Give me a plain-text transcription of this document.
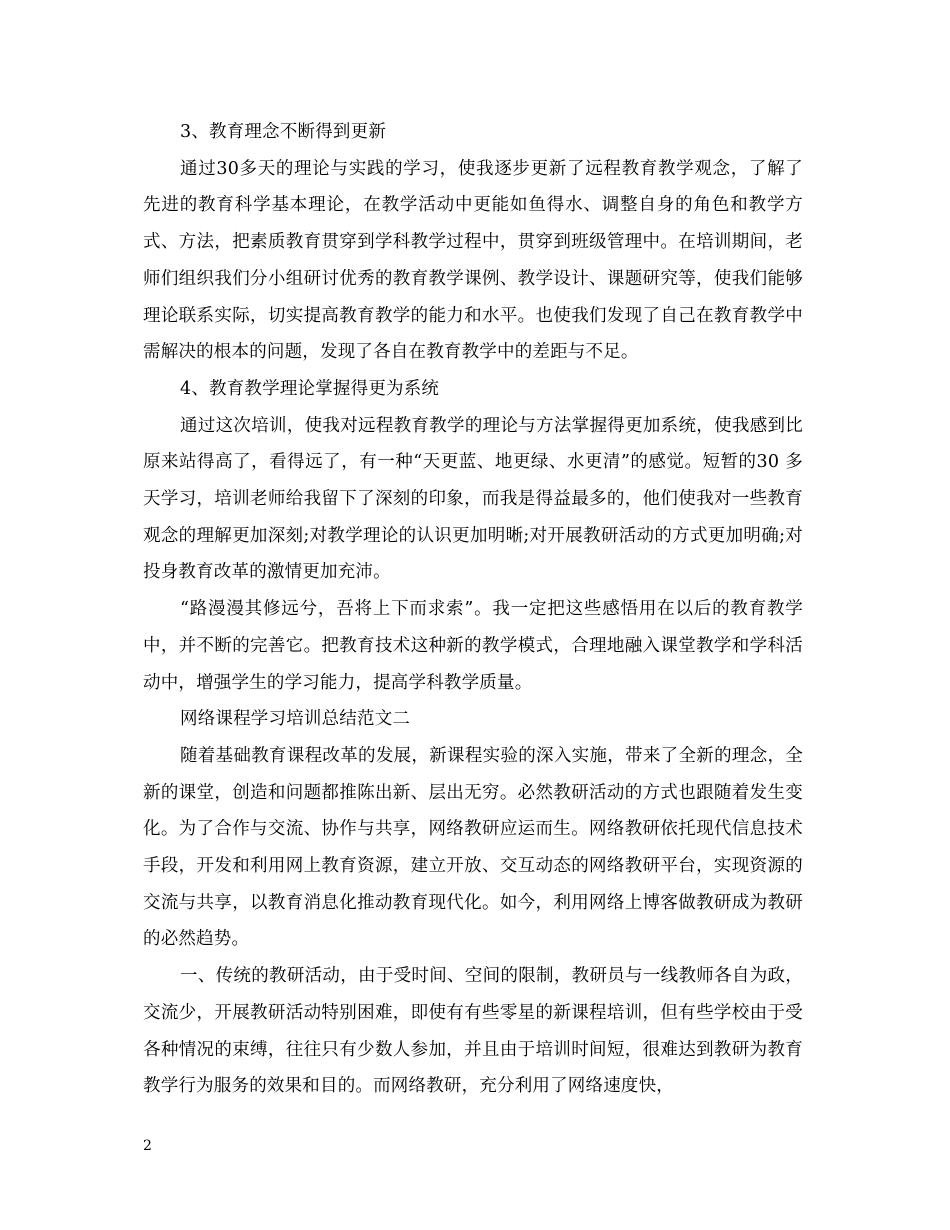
3、教育理念不断得到更新

通过30多天的理论与实践的学习，使我逐步更新了远程教育教学观念，了解了先进的教育科学基本理论，在教学活动中更能如鱼得水、调整自身的角色和教学方式、方法，把素质教育贯穿到学科教学过程中，贯穿到班级管理中。在培训期间，老师们组织我们分小组研讨优秀的教育教学课例、教学设计、课题研究等，使我们能够理论联系实际，切实提高教育教学的能力和水平。也使我们发现了自己在教育教学中需解决的根本的问题，发现了各自在教育教学中的差距与不足。

4、教育教学理论掌握得更为系统

通过这次培训，使我对远程教育教学的理论与方法掌握得更加系统，使我感到比原来站得高了，看得远了，有一种“天更蓝、地更绿、水更清”的感觉。短暂的30 多天学习，培训老师给我留下了深刻的印象，而我是得益最多的，他们使我对一些教育观念的理解更加深刻;对教学理论的认识更加明晰;对开展教研活动的方式更加明确;对投身教育改革的激情更加充沛。

“路漫漫其修远兮，吾将上下而求索”。我一定把这些感悟用在以后的教育教学中，并不断的完善它。把教育技术这种新的教学模式，合理地融入课堂教学和学科活动中，增强学生的学习能力，提高学科教学质量。

网络课程学习培训总结范文二

随着基础教育课程改革的发展，新课程实验的深入实施，带来了全新的理念，全新的课堂，创造和问题都推陈出新、层出无穷。必然教研活动的方式也跟随着发生变化。为了合作与交流、协作与共享，网络教研应运而生。网络教研依托现代信息技术手段，开发和利用网上教育资源，建立开放、交互动态的网络教研平台，实现资源的交流与共享，以教育消息化推动教育现代化。如今，利用网络上博客做教研成为教研的必然趋势。

一、传统的教研活动，由于受时间、空间的限制，教研员与一线教师各自为政，交流少，开展教研活动特别困难，即使有有些零星的新课程培训，但有些学校由于受各种情况的束缚，往往只有少数人参加，并且由于培训时间短，很难达到教研为教育教学行为服务的效果和目的。而网络教研，充分利用了网络速度快，

2
